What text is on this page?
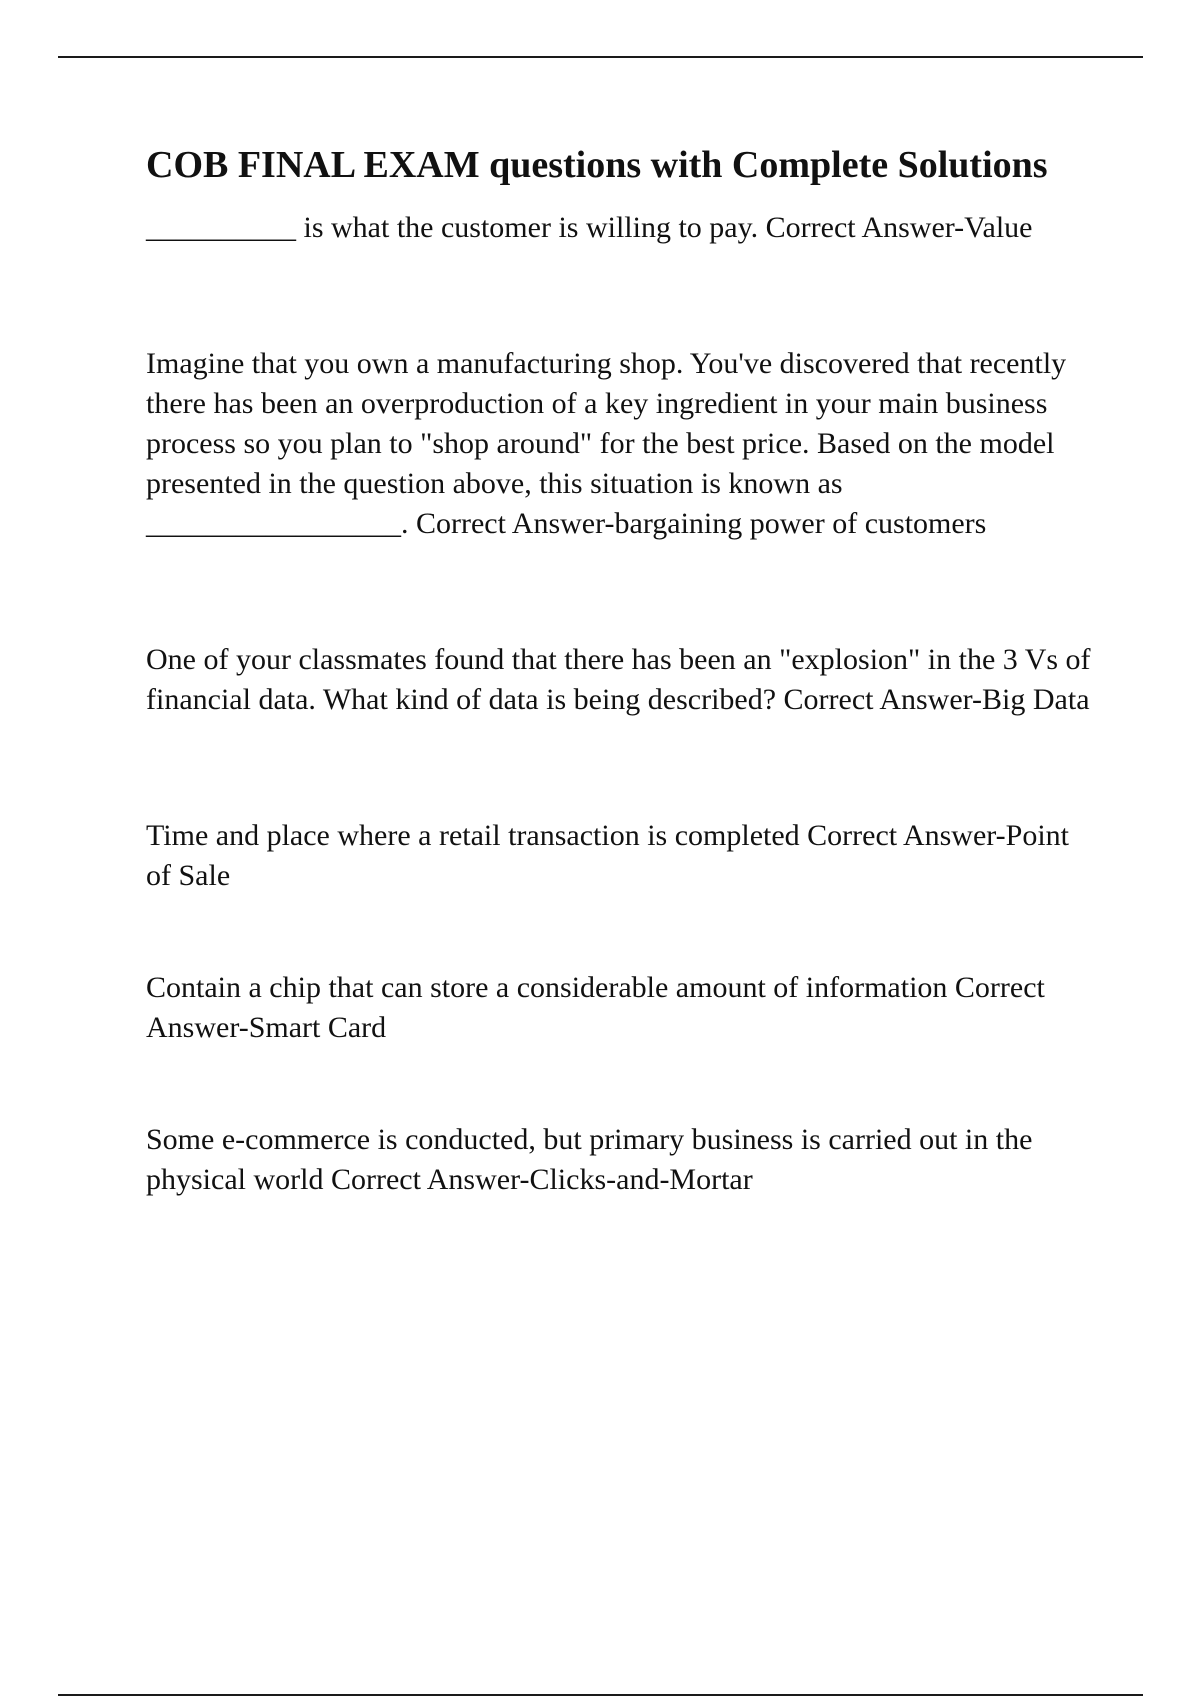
COB FINAL EXAM questions with Complete Solutions
__________ is what the customer is willing to pay. Correct Answer-Value
Imagine that you own a manufacturing shop. You've discovered that recently there has been an overproduction of a key ingredient in your main business process so you plan to "shop around" for the best price. Based on the model presented in the question above, this situation is known as _________________. Correct Answer-bargaining power of customers
One of your classmates found that there has been an "explosion" in the 3 Vs of financial data. What kind of data is being described? Correct Answer-Big Data
Time and place where a retail transaction is completed Correct Answer-Point of Sale
Contain a chip that can store a considerable amount of information Correct Answer-Smart Card
Some e-commerce is conducted, but primary business is carried out in the physical world Correct Answer-Clicks-and-Mortar
